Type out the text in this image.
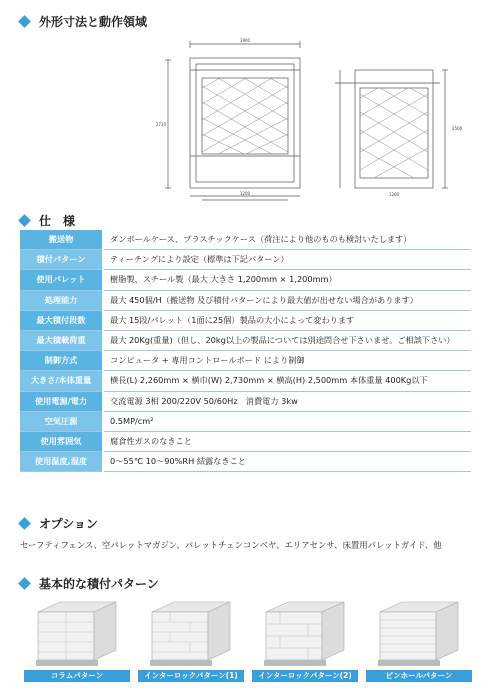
外形寸法と動作領域
1900
2730
2500
1200	1200
仕　様
搬送物	ダンボールケース、プラスチックケース（荷注により他のものも検討いたします）
積付パターン	ティーチングにより設定（標準は下記パターン）
使用パレット	樹脂製、スチール製（最大 大きさ 1,200mm × 1,200mm）
処理能力	最大 450個/H（搬送物 及び積付パターンにより最大値が出せない場合があります）
最大積付段数	最大 15段/パレット（1面に25個）製品の大小によって変わります
最大積載荷重	最大 20Kg(重量)（但し、20kg以上の製品については別途問合せ下さいませ。ご相談下さい）
制御方式	コンピュータ + 専用コントロールボード により制御
大きさ/本体重量	横長(L) 2,260mm × 横巾(W) 2,730mm × 横高(H) 2,500mm 本体重量 400Kg以下
使用電源/電力	交流電源 3相 200/220V 50/60Hz　消費電力 3kw
空気圧源	0.5MP/cm²
使用雰囲気	腐食性ガスのなきこと
使用温度,湿度	0〜55℃ 10〜90%RH 結露なきこと
オプション
セーフティフェンス、空パレットマガジン、パレットチェンコンベヤ、エリアセンサ、床置用パレットガイド、他
基本的な積付パターン
コラムパターン	インターロックパターン(1)	インターロックパターン(2)	ピンホールパターン
